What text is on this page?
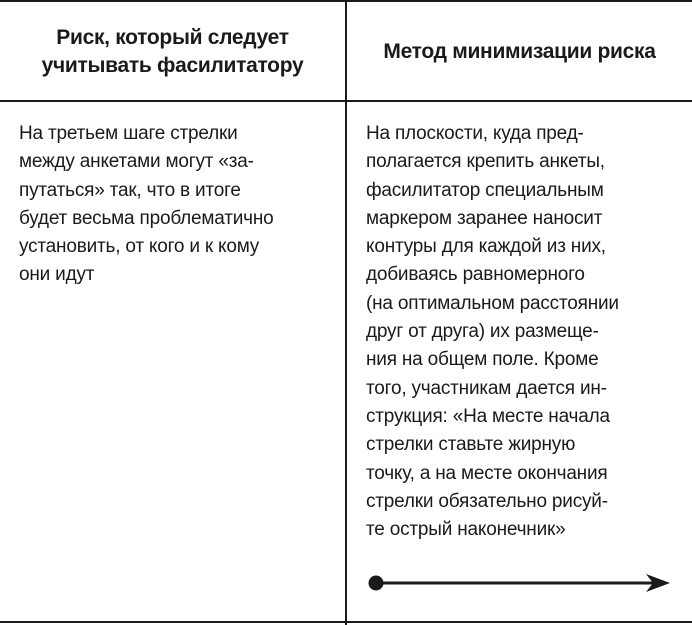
Риск, который следует учитывать фасилитатору
Метод минимизации риска
На третьем шаге стрелки
между анкетами могут «за-
путаться» так, что в итоге
будет весьма проблематично
установить, от кого и к кому
они идут
На плоскости, куда пред-
полагается крепить анкеты,
фасилитатор специальным
маркером заранее наносит
контуры для каждой из них,
добиваясь равномерного
(на оптимальном расстоянии
друг от друга) их размеще-
ния на общем поле. Кроме
того, участникам дается ин-
струкция: «На месте начала
стрелки ставьте жирную
точку, а на месте окончания
стрелки обязательно рисуй-
те острый наконечник»
